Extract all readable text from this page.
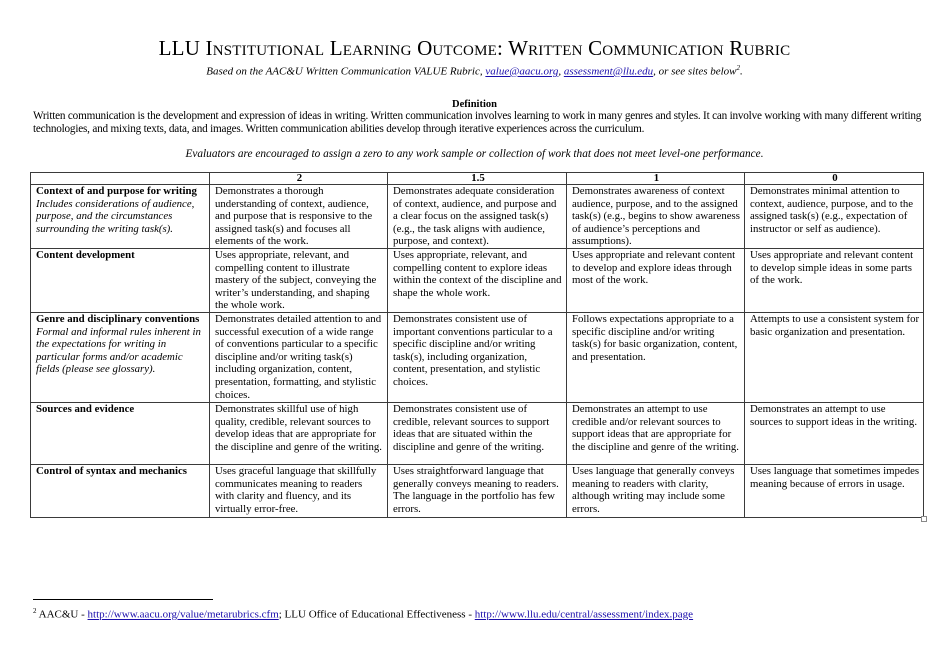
LLU Institutional Learning Outcome: Written Communication Rubric
Based on the AAC&U Written Communication VALUE Rubric, value@aacu.org, assessment@llu.edu, or see sites below$^2$.
Definition
Written communication is the development and expression of ideas in writing. Written communication involves learning to work in many genres and styles. It can involve working with many different writing technologies, and mixing texts, data, and images. Written communication abilities develop through iterative experiences across the curriculum.
Evaluators are encouraged to assign a zero to any work sample or collection of work that does not meet level-one performance.
	2	1.5	1	0

Context of and purpose for writing
Includes considerations of audience, purpose, and the circumstances surrounding the writing task(s).	Demonstrates a thorough understanding of context, audience, and purpose that is responsive to the assigned task(s) and focuses all elements of the work.	Demonstrates adequate consideration of context, audience, and purpose and a clear focus on the assigned task(s) (e.g., the task aligns with audience, purpose, and context).	Demonstrates awareness of context audience, purpose, and to the assigned task(s) (e.g., begins to show awareness of audience’s perceptions and assumptions).	Demonstrates minimal attention to context, audience, purpose, and to the assigned task(s) (e.g., expectation of instructor or self as audience).

Content development	Uses appropriate, relevant, and compelling content to illustrate mastery of the subject, conveying the writer’s understanding, and shaping the whole work.	Uses appropriate, relevant, and compelling content to explore ideas within the context of the discipline and shape the whole work.	Uses appropriate and relevant content to develop and explore ideas through most of the work.	Uses appropriate and relevant content to develop simple ideas in some parts of the work.

Genre and disciplinary conventions
Formal and informal rules inherent in the expectations for writing in particular forms and/or academic fields (please see glossary).	Demonstrates detailed attention to and successful execution of a wide range of conventions particular to a specific discipline and/or writing task(s) including organization, content, presentation, formatting, and stylistic choices.	Demonstrates consistent use of important conventions particular to a specific discipline and/or writing task(s), including organization, content, presentation, and stylistic choices.	Follows expectations appropriate to a specific discipline and/or writing task(s) for basic organization, content, and presentation.	Attempts to use a consistent system for basic organization and presentation.

Sources and evidence	Demonstrates skillful use of high quality, credible, relevant sources to develop ideas that are appropriate for the discipline and genre of the writing.	Demonstrates consistent use of credible, relevant sources to support ideas that are situated within the discipline and genre of the writing.	Demonstrates an attempt to use credible and/or relevant sources to support ideas that are appropriate for the discipline and genre of the writing.	Demonstrates an attempt to use sources to support ideas in the writing.

Control of syntax and mechanics	Uses graceful language that skillfully communicates meaning to readers with clarity and fluency, and its virtually error-free.	Uses straightforward language that generally conveys meaning to readers. The language in the portfolio has few errors.	Uses language that generally conveys meaning to readers with clarity, although writing may include some errors.	Uses language that sometimes impedes meaning because of errors in usage.
$^2$ AAC&U - http://www.aacu.org/value/metarubrics.cfm; LLU Office of Educational Effectiveness - http://www.llu.edu/central/assessment/index.page
